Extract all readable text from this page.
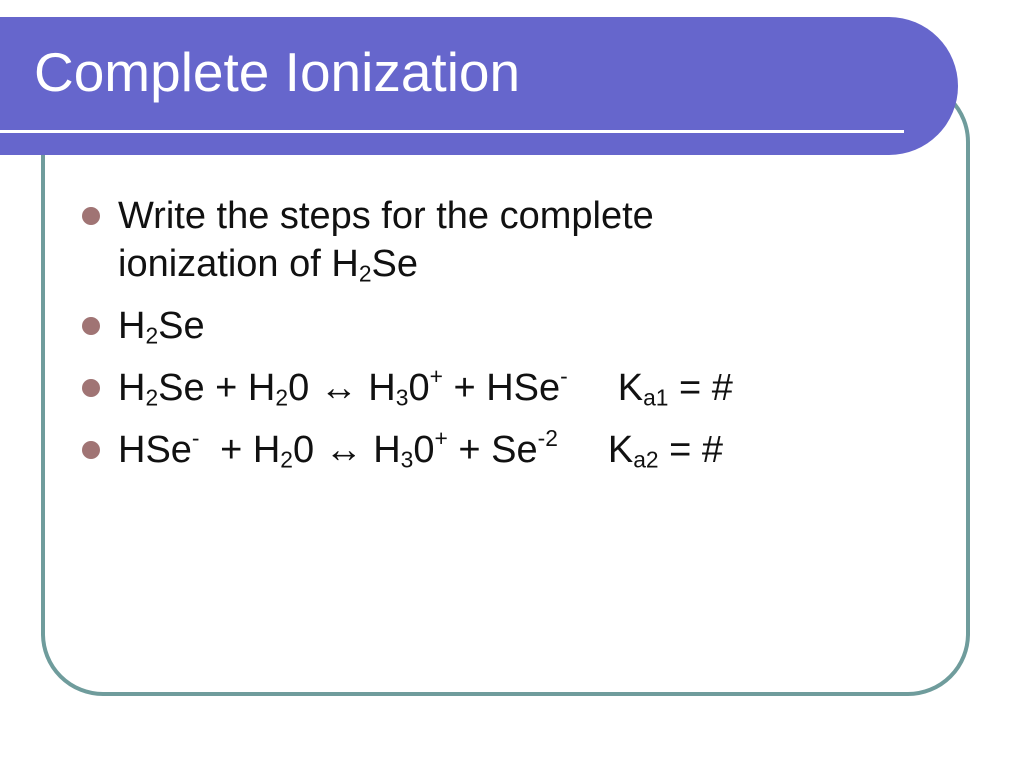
Complete Ionization
Write the steps for the complete
ionization of $H_2Se$
$H_2Se$
$H_2Se + H_20$ ↔ $H_30^+ + HSe^-$ $K_{a1}$ = #
$HSe^- + H_20$ ↔ $H_30^+ + Se^{-2}$ $K_{a2}$ = #
